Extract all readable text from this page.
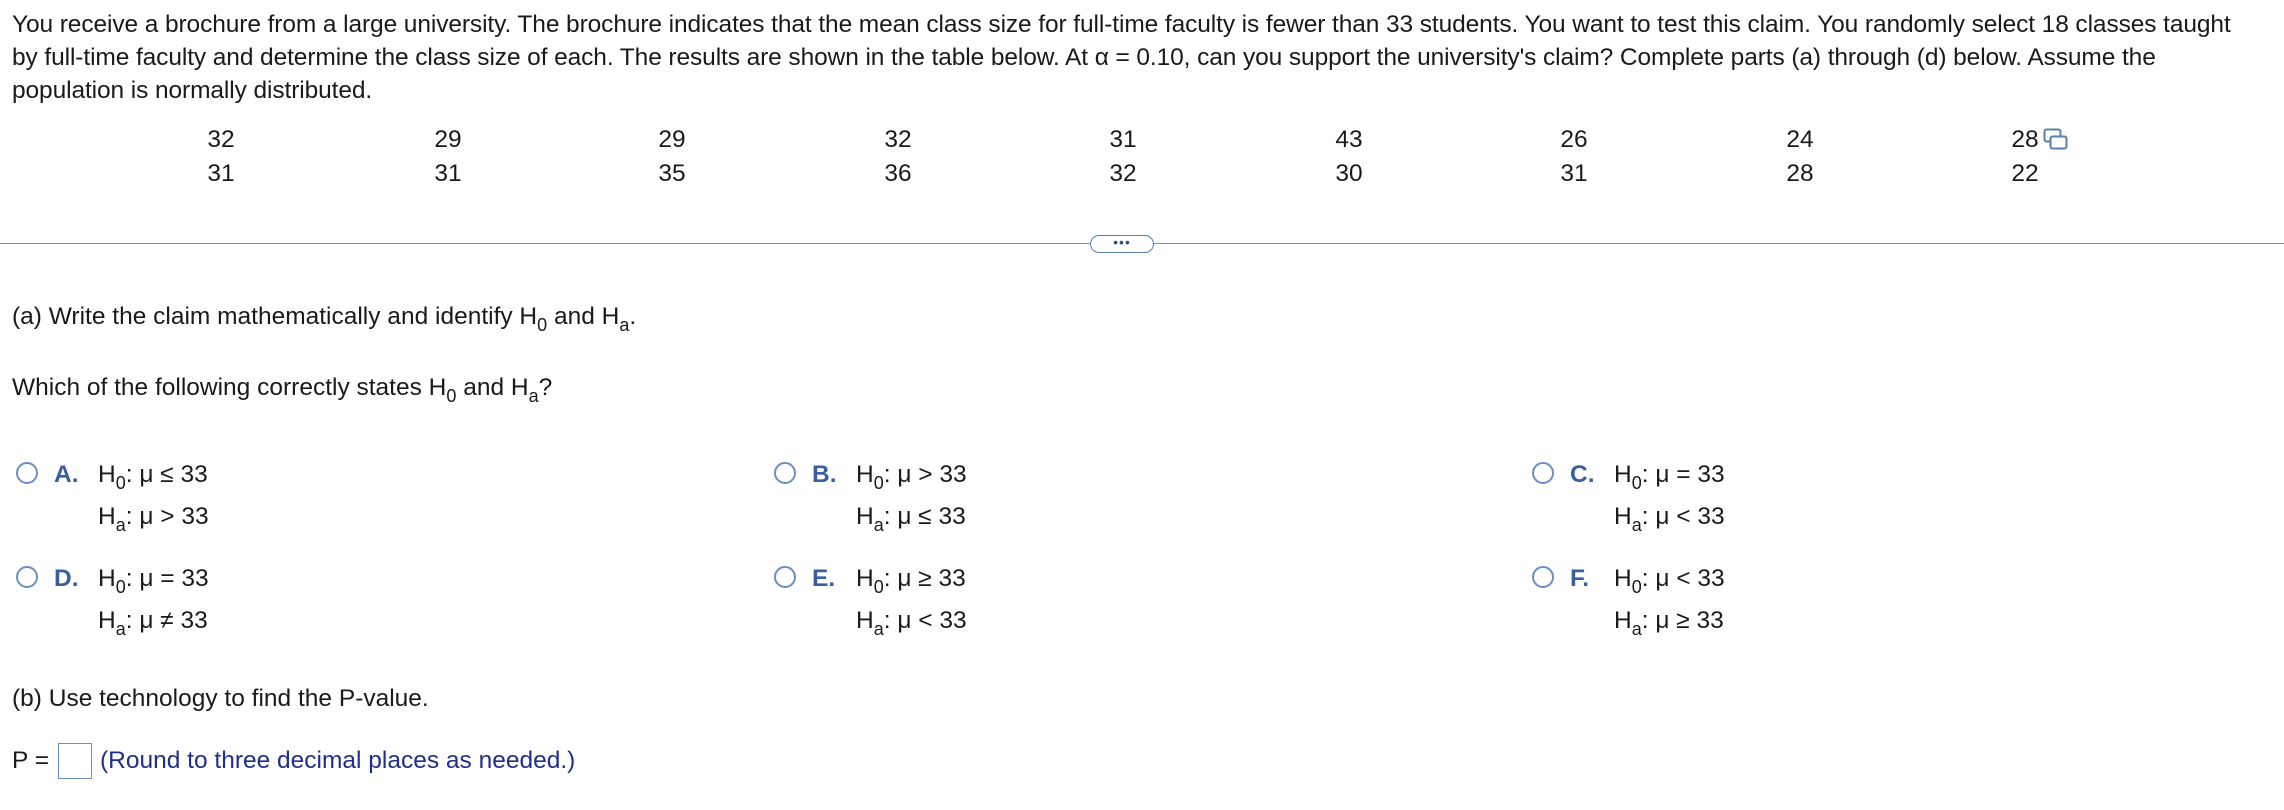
You receive a brochure from a large university. The brochure indicates that the mean class size for full-time faculty is fewer than 33 students. You want to test this claim. You randomly select 18 classes taught by full-time faculty and determine the class size of each. The results are shown in the table below. At α = 0.10, can you support the university's claim? Complete parts (a) through (d) below. Assume the population is normally distributed.
32
31
29
31
29
35
32
36
31
32
43
30
26
31
24
28
28
22
•••
(a) Write the claim mathematically and identify $H_0$ and $H_a$.
Which of the following correctly states $H_0$ and $H_a$?
A. $H_0$: μ ≤ 33
$H_a$: μ > 33
B. $H_0$: μ > 33
$H_a$: μ ≤ 33
C. $H_0$: μ = 33
$H_a$: μ < 33
D. $H_0$: μ = 33
$H_a$: μ ≠ 33
E. $H_0$: μ ≥ 33
$H_a$: μ < 33
F. $H_0$: μ < 33
$H_a$: μ ≥ 33
(b) Use technology to find the P-value.
P = (Round to three decimal places as needed.)
